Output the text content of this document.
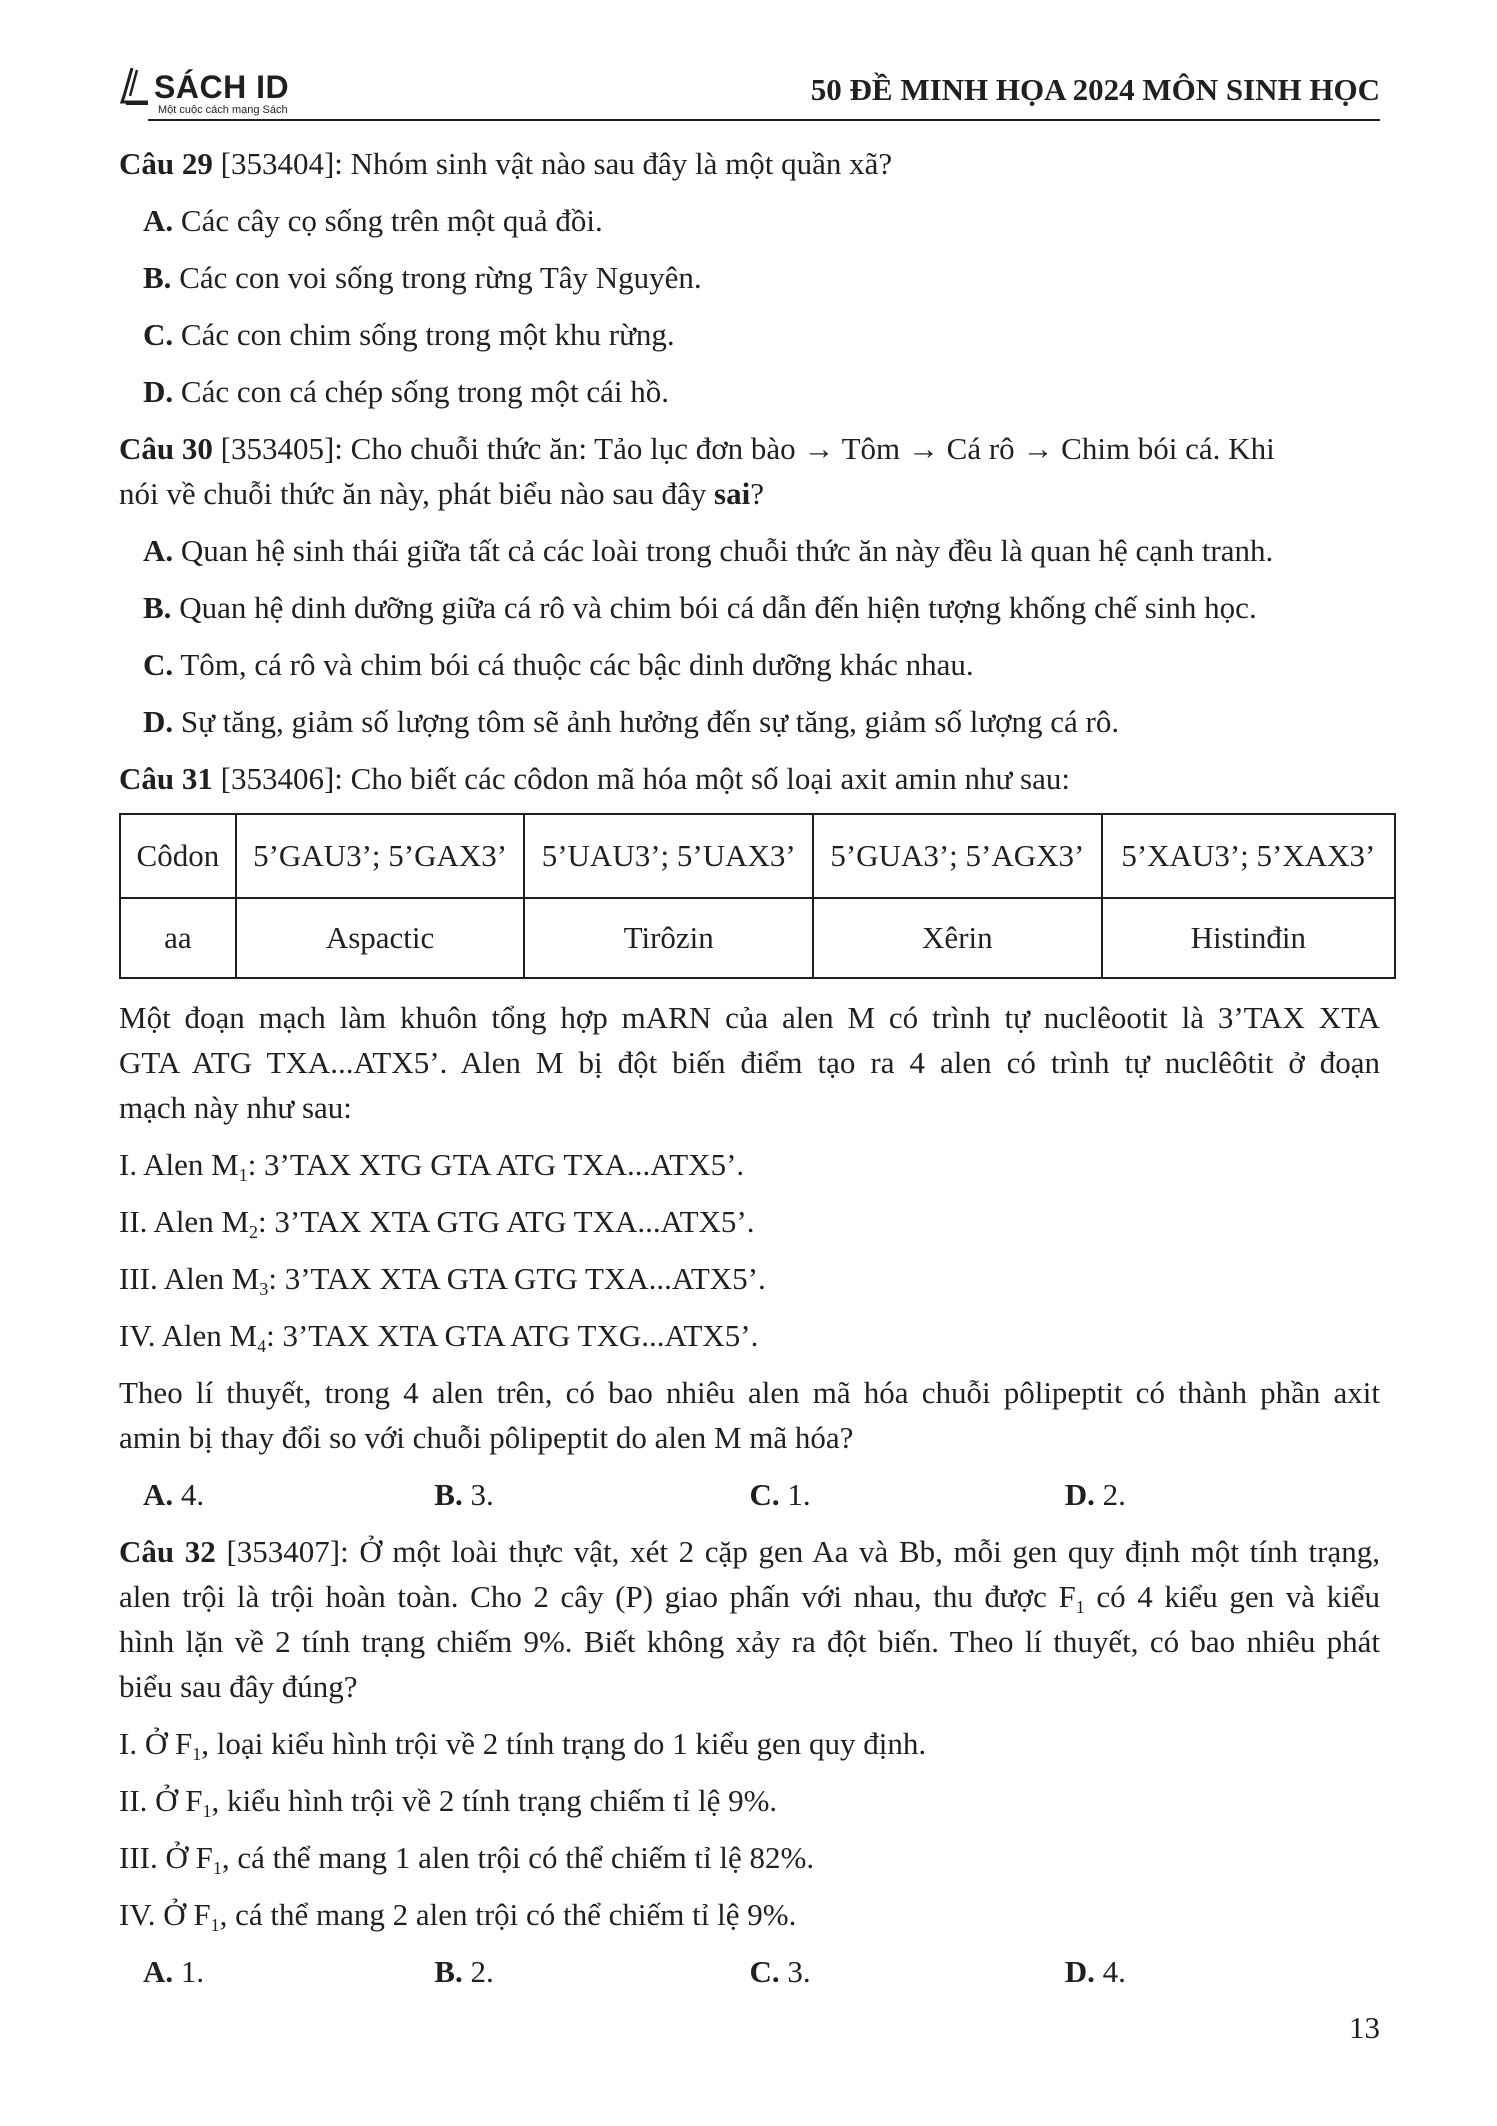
SÁCH ID
Một cuộc cách mạng Sách
50 ĐỀ MINH HỌA 2024 MÔN SINH HỌC
Câu 29 [353404]: Nhóm sinh vật nào sau đây là một quần xã?
A. Các cây cọ sống trên một quả đồi.
B. Các con voi sống trong rừng Tây Nguyên.
C. Các con chim sống trong một khu rừng.
D. Các con cá chép sống trong một cái hồ.
Câu 30 [353405]: Cho chuỗi thức ăn: Tảo lục đơn bào → Tôm → Cá rô → Chim bói cá. Khi
nói về chuỗi thức ăn này, phát biểu nào sau đây sai?
A. Quan hệ sinh thái giữa tất cả các loài trong chuỗi thức ăn này đều là quan hệ cạnh tranh.
B. Quan hệ dinh dưỡng giữa cá rô và chim bói cá dẫn đến hiện tượng khống chế sinh học.
C. Tôm, cá rô và chim bói cá thuộc các bậc dinh dưỡng khác nhau.
D. Sự tăng, giảm số lượng tôm sẽ ảnh hưởng đến sự tăng, giảm số lượng cá rô.
Câu 31 [353406]: Cho biết các côdon mã hóa một số loại axit amin như sau:
Côdon	5’GAU3’; 5’GAX3’	5’UAU3’; 5’UAX3’	5’GUA3’; 5’AGX3’	5’XAU3’; 5’XAX3’
aa	Aspactic	Tirôzin	Xêrin	Histinđin
Một đoạn mạch làm khuôn tổng hợp mARN của alen M có trình tự nuclêootit là 3’TAX XTA
GTA ATG TXA...ATX5’. Alen M bị đột biến điểm tạo ra 4 alen có trình tự nuclêôtit ở đoạn
mạch này như sau:
I. Alen $M_1$: 3’TAX XTG GTA ATG TXA...ATX5’.
II. Alen $M_2$: 3’TAX XTA GTG ATG TXA...ATX5’.
III. Alen $M_3$: 3’TAX XTA GTA GTG TXA...ATX5’.
IV. Alen $M_4$: 3’TAX XTA GTA ATG TXG...ATX5’.
Theo lí thuyết, trong 4 alen trên, có bao nhiêu alen mã hóa chuỗi pôlipeptit có thành phần axit
amin bị thay đổi so với chuỗi pôlipeptit do alen M mã hóa?
A. 4.	B. 3.	C. 1.	D. 2.
Câu 32 [353407]: Ở một loài thực vật, xét 2 cặp gen Aa và Bb, mỗi gen quy định một tính trạng,
alen trội là trội hoàn toàn. Cho 2 cây (P) giao phấn với nhau, thu được $F_1$ có 4 kiểu gen và kiểu
hình lặn về 2 tính trạng chiếm 9%. Biết không xảy ra đột biến. Theo lí thuyết, có bao nhiêu phát
biểu sau đây đúng?
I. Ở $F_1$, loại kiểu hình trội về 2 tính trạng do 1 kiểu gen quy định.
II. Ở $F_1$, kiểu hình trội về 2 tính trạng chiếm tỉ lệ 9%.
III. Ở $F_1$, cá thể mang 1 alen trội có thể chiếm tỉ lệ 82%.
IV. Ở $F_1$, cá thể mang 2 alen trội có thể chiếm tỉ lệ 9%.
A. 1.	B. 2.	C. 3.	D. 4.
13
